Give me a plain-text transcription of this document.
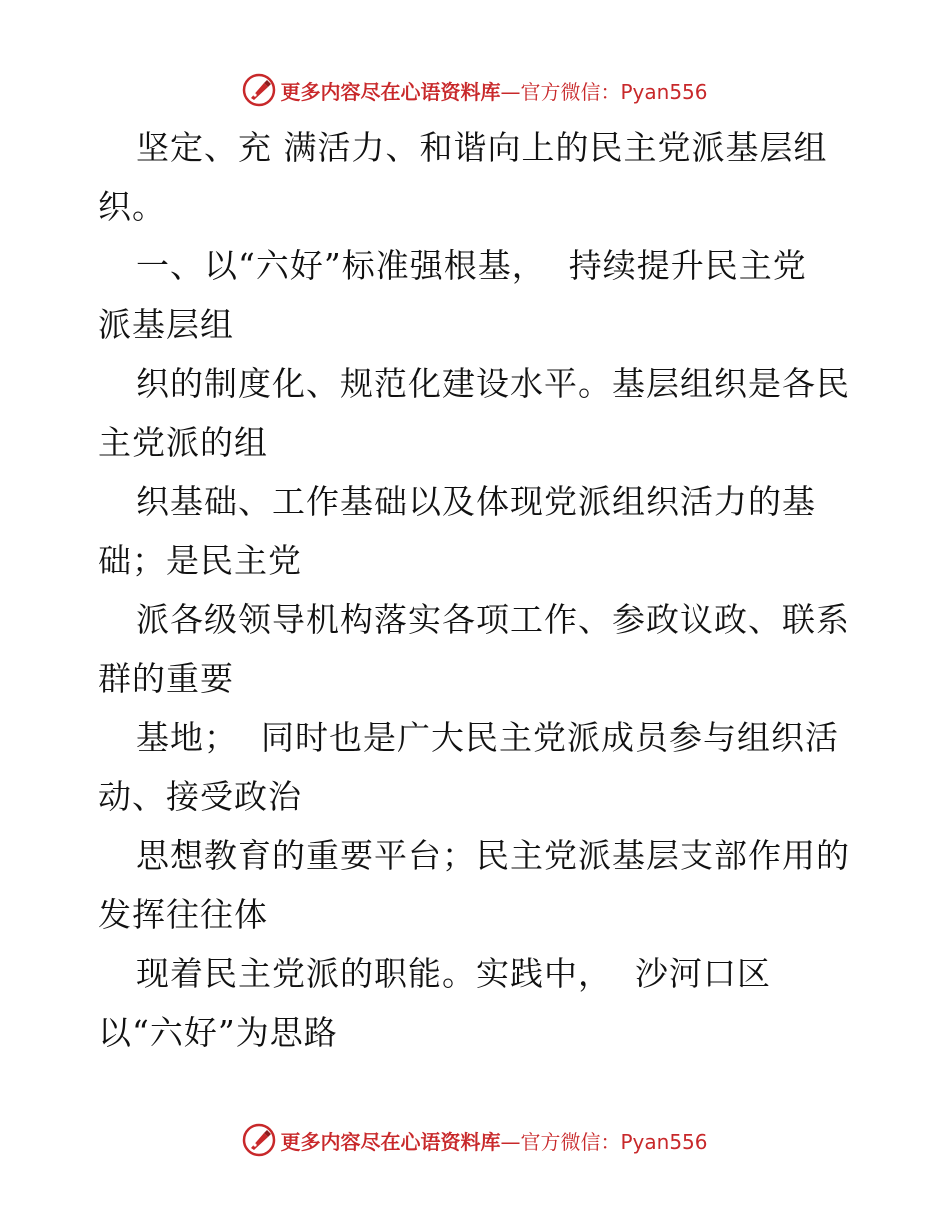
更多内容尽在心语资料库—官方微信：Pyan556
坚定、充 满活力、和谐向上的民主党派基层组
织。
一、以“六好”标准强根基，  持续提升民主党
派基层组
织的制度化、规范化建设水平。基层组织是各民
主党派的组
织基础、工作基础以及体现党派组织活力的基
础；是民主党
派各级领导机构落实各项工作、参政议政、联系
群的重要
基地；  同时也是广大民主党派成员参与组织活
动、接受政治
思想教育的重要平台；民主党派基层支部作用的
发挥往往体
现着民主党派的职能。实践中，  沙河口区
以“六好”为思路
更多内容尽在心语资料库—官方微信：Pyan556
